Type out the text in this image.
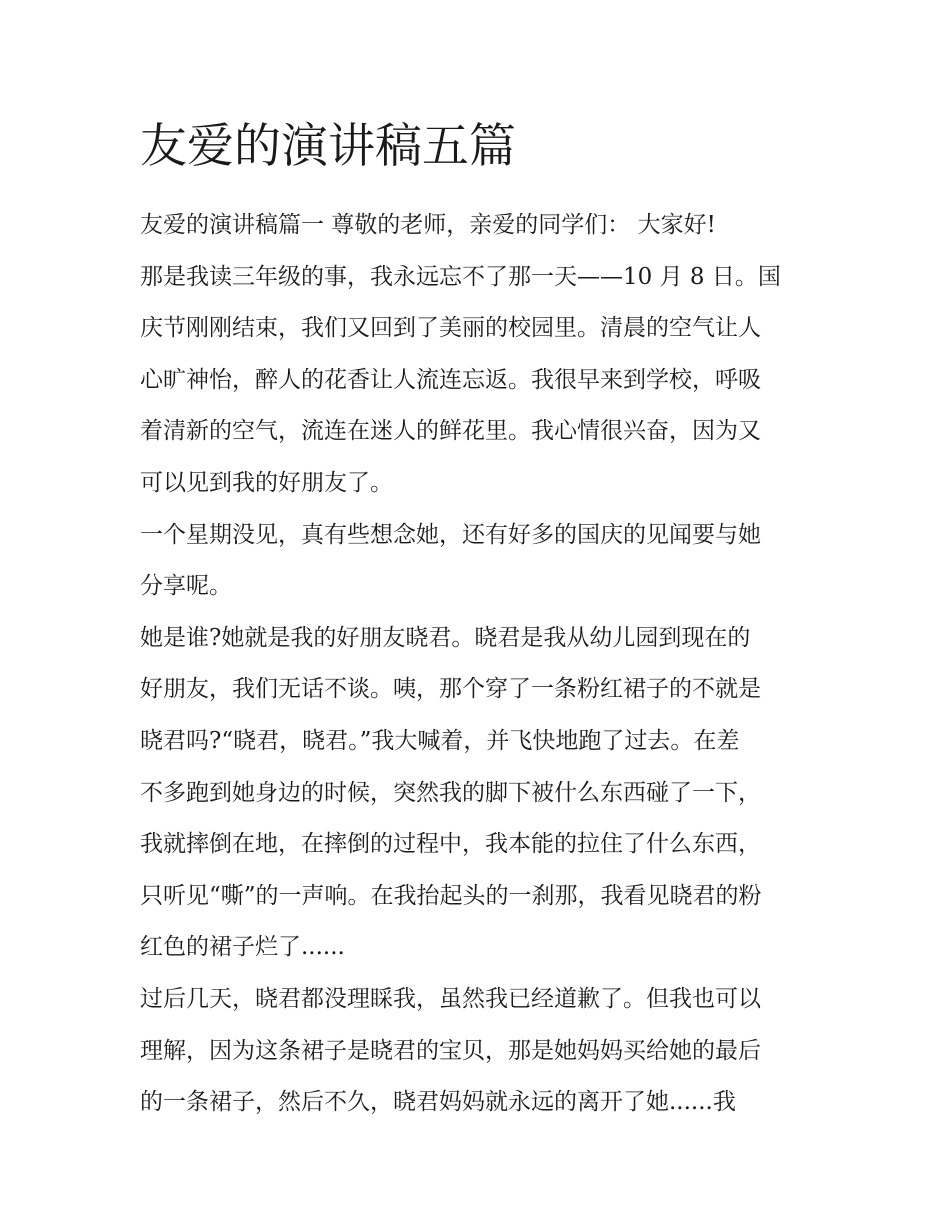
友爱的演讲稿五篇
友爱的演讲稿篇一 尊敬的老师，亲爱的同学们： 大家好!
那是我读三年级的事，我永远忘不了那一天——10 月 8 日。国
庆节刚刚结束，我们又回到了美丽的校园里。清晨的空气让人
心旷神怡，醉人的花香让人流连忘返。我很早来到学校，呼吸
着清新的空气，流连在迷人的鲜花里。我心情很兴奋，因为又
可以见到我的好朋友了。
一个星期没见，真有些想念她，还有好多的国庆的见闻要与她
分享呢。
她是谁?她就是我的好朋友晓君。晓君是我从幼儿园到现在的
好朋友，我们无话不谈。咦，那个穿了一条粉红裙子的不就是
晓君吗?“晓君，晓君。”我大喊着，并飞快地跑了过去。在差
不多跑到她身边的时候，突然我的脚下被什么东西碰了一下，
我就摔倒在地，在摔倒的过程中，我本能的拉住了什么东西，
只听见“嘶”的一声响。在我抬起头的一刹那，我看见晓君的粉
红色的裙子烂了......
过后几天，晓君都没理睬我，虽然我已经道歉了。但我也可以
理解，因为这条裙子是晓君的宝贝，那是她妈妈买给她的最后
的一条裙子，然后不久，晓君妈妈就永远的离开了她......我
